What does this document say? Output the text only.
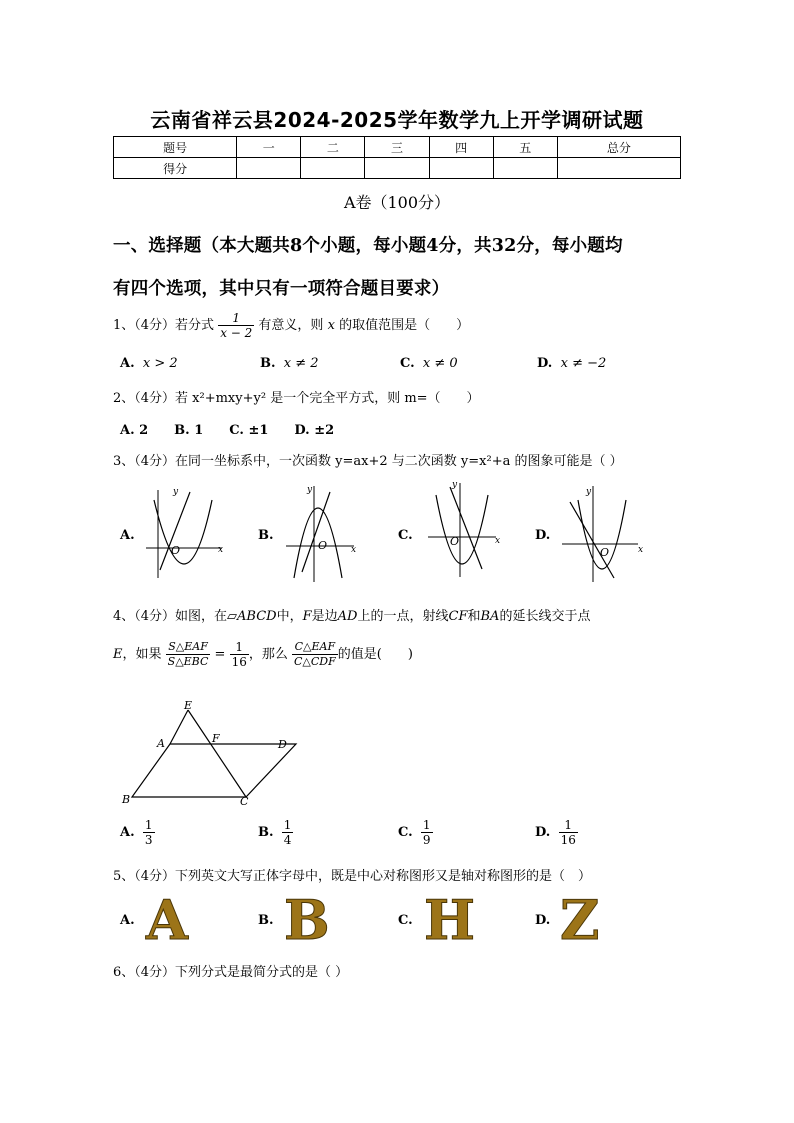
云南省祥云县2024-2025学年数学九上开学调研试题
题号	一	二	三	四	五	总分
得分						
A卷（100分）
一、选择题（本大题共8个小题，每小题4分，共32分，每小题均
有四个选项，其中只有一项符合题目要求）
1、（4分）若分式 $\frac{1}{x - 2}$ 有意义，则 x 的取值范围是（　　）
A. x > 2	B. x ≠ 2	C. x ≠ 0	D. x ≠ −2
2、（4分）若 x²+mxy+y² 是一个完全平方式，则 m=（　　）
A. 2　　B. 1　　C. ±1　　D. ±2
3、（4分）在同一坐标系中，一次函数 y=ax+2 与二次函数 y=x²+a 的图象可能是（ ）
A.	B.	C.	D.
O	x
y
O	x
y
O	x
y
O	x
y
4、（4分）如图，在▱ABCD中，F是边AD上的一点，射线CF和BA的延长线交于点
E，如果 $\frac{\text{S△EAF}}{\text{S△EBC}} = \frac{1}{16}$ ，那么 $\frac{\text{C△EAF}}{\text{C△CDF}}$ 的值是(　　)
E
A	F	D
B	C
A. $\frac{1}{3}$	B. $\frac{1}{4}$	C. $\frac{1}{9}$	D. $\frac{1}{16}$
5、（4分）下列英文大写正体字母中，既是中心对称图形又是轴对称图形的是（　）
A. A	B. B	C. H	D. Z
6、（4分）下列分式是最简分式的是（ ）
